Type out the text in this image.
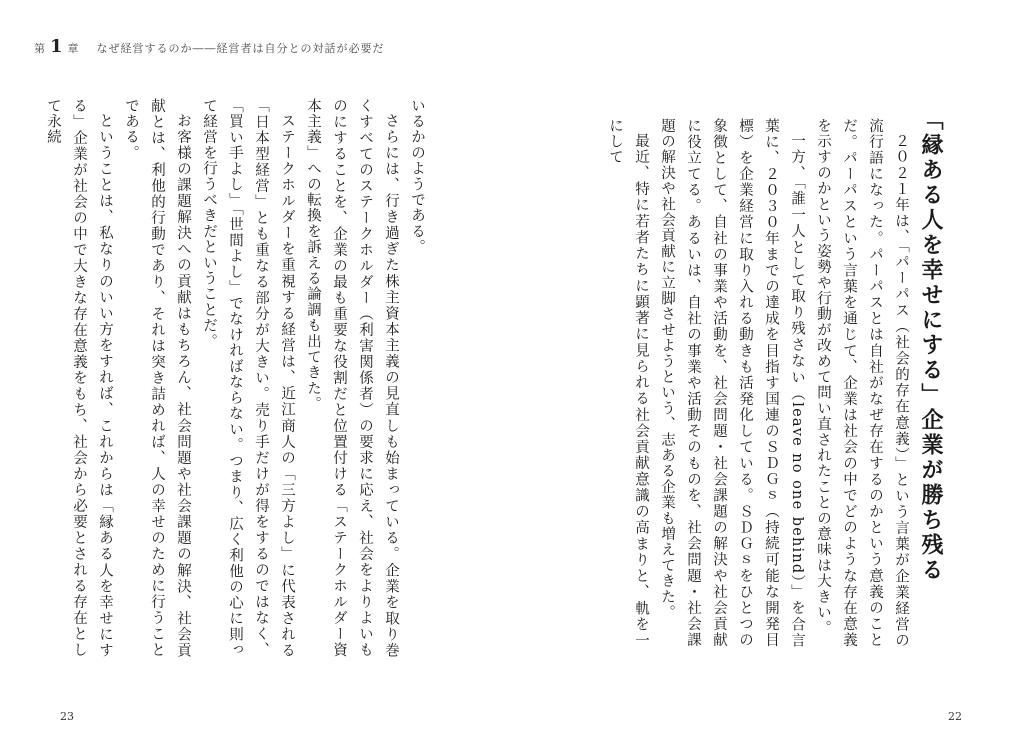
第 1 章 なぜ経営するのか――経営者は自分との対話が必要だ
「縁ある人を幸せにする」企業が勝ち残る

２０２１年は、「パーパス（社会的存在意義）」という言葉が企業経営の流行語になった。パーパスとは自社がなぜ存在するのかという意義のことだ。パーパスという言葉を通じて、企業は社会の中でどのような存在意義を示すのかという姿勢や行動が改めて問い直されたことの意味は大きい。

一方、「誰一人として取り残さない（leave no one behind）」を合言葉に、２０３０年までの達成を目指す国連のＳＤＧｓ（持続可能な開発目標）を企業経営に取り入れる動きも活発化している。ＳＤＧｓをひとつの象徴として、自社の事業や活動を、社会問題・社会課題の解決や社会貢献に役立てる。あるいは、自社の事業や活動そのものを、社会問題・社会課題の解決や社会貢献に立脚させようという、志ある企業も増えてきた。

最近、特に若者たちに顕著に見られる社会貢献意識の高まりと、軌を一にして

いるかのようである。

さらには、行き過ぎた株主資本主義の見直しも始まっている。企業を取り巻くすべてのステークホルダー（利害関係者）の要求に応え、社会をよりよいものにすることを、企業の最も重要な役割だと位置付ける「ステークホルダー資本主義」への転換を訴える論調も出てきた。

ステークホルダーを重視する経営は、近江商人の「三方よし」に代表される「日本型経営」とも重なる部分が大きい。売り手だけが得をするのではなく、「買い手よし」「世間よし」でなければならない。つまり、広く利他の心に則って経営を行うべきだということだ。

お客様の課題解決への貢献はもちろん、社会問題や社会課題の解決、社会貢献とは、利他的行動であり、それは突き詰めれば、人の幸せのために行うことである。

ということは、私なりのいい方をすれば、これからは「縁ある人を幸せにする」企業が社会の中で大きな存在意義をもち、社会から必要とされる存在として永続

23	22
